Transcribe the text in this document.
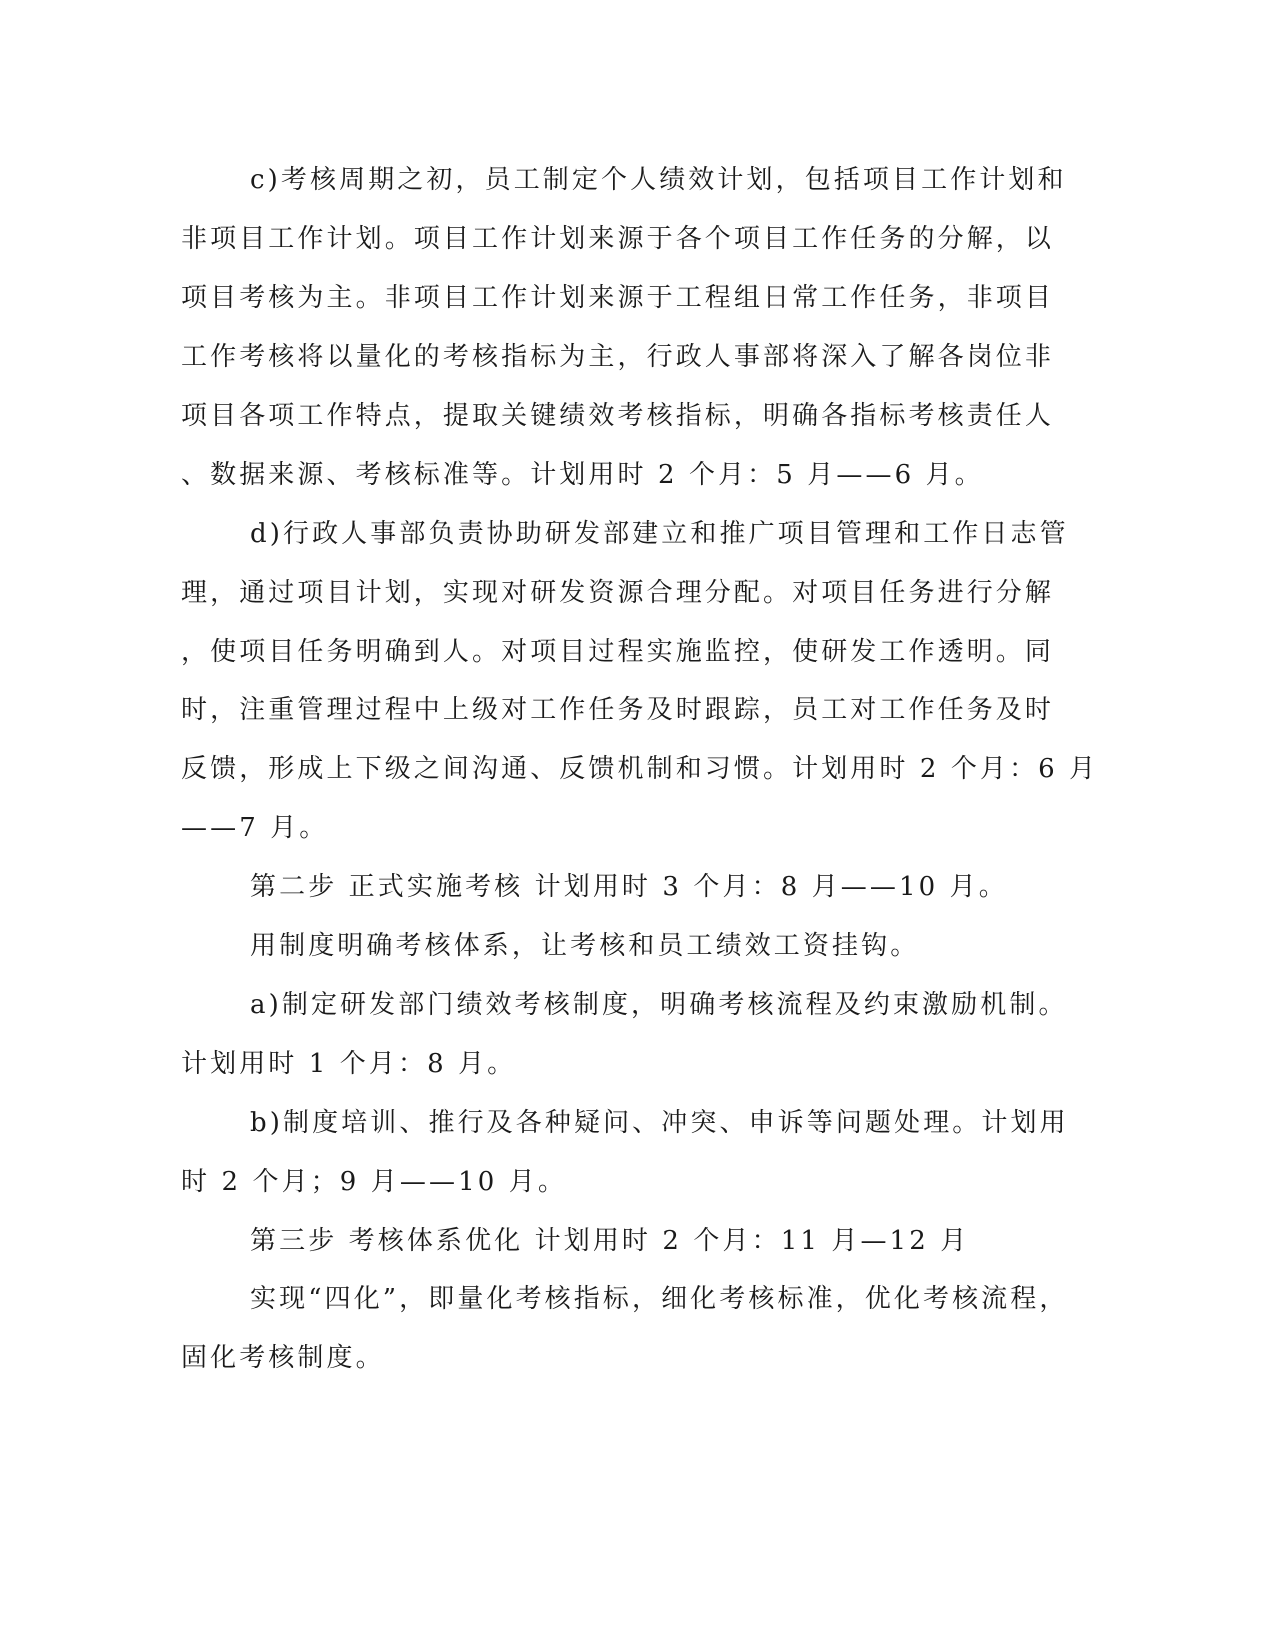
c)考核周期之初，员工制定个人绩效计划，包括项目工作计划和
非项目工作计划。项目工作计划来源于各个项目工作任务的分解，以
项目考核为主。非项目工作计划来源于工程组日常工作任务，非项目
工作考核将以量化的考核指标为主，行政人事部将深入了解各岗位非
项目各项工作特点，提取关键绩效考核指标，明确各指标考核责任人
、数据来源、考核标准等。计划用时 2 个月：5 月——6 月。
d)行政人事部负责协助研发部建立和推广项目管理和工作日志管
理，通过项目计划，实现对研发资源合理分配。对项目任务进行分解
，使项目任务明确到人。对项目过程实施监控，使研发工作透明。同
时，注重管理过程中上级对工作任务及时跟踪，员工对工作任务及时
反馈，形成上下级之间沟通、反馈机制和习惯。计划用时 2 个月：6 月
——7 月。
第二步 正式实施考核 计划用时 3 个月：8 月——10 月。
用制度明确考核体系，让考核和员工绩效工资挂钩。
a)制定研发部门绩效考核制度，明确考核流程及约束激励机制。
计划用时 1 个月：8 月。
b)制度培训、推行及各种疑问、冲突、申诉等问题处理。计划用
时 2 个月；9 月——10 月。
第三步 考核体系优化 计划用时 2 个月：11 月—12 月
实现“四化”，即量化考核指标，细化考核标准，优化考核流程，
固化考核制度。
